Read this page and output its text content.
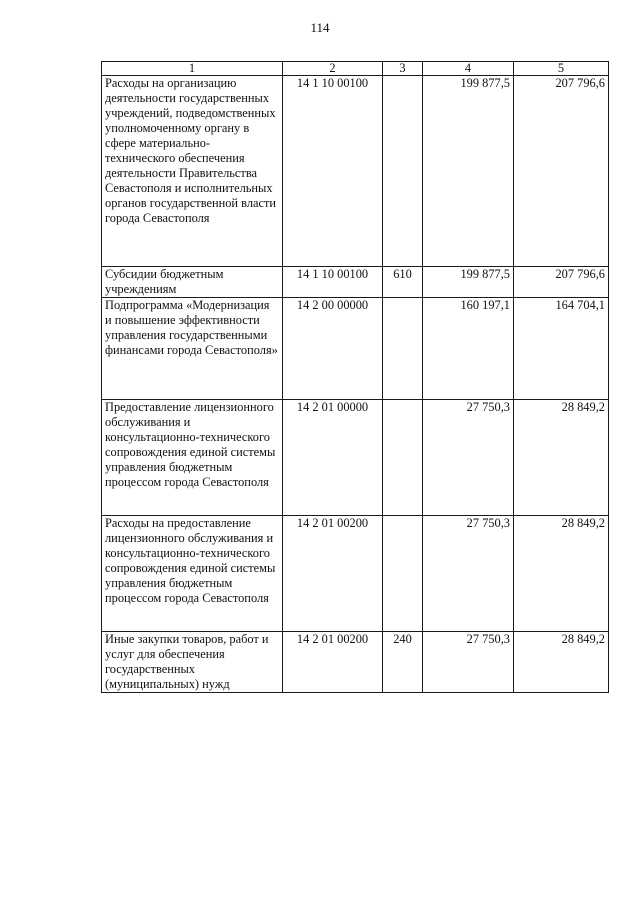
114
1	2	3	4	5
Расходы на организацию деятельности государственных учреждений, подведомственных уполномоченному органу в сфере материально-технического обеспечения деятельности Правительства Севастополя и исполнительных органов государственной власти города Севастополя	14 1 10 00100		199 877,5	207 796,6
Субсидии бюджетным учреждениям	14 1 10 00100	610	199 877,5	207 796,6
Подпрограмма «Модернизация и повышение эффективности управления государственными финансами города Севастополя»	14 2 00 00000		160 197,1	164 704,1
Предоставление лицензионного обслуживания и консультационно-технического сопровождения единой системы управления бюджетным процессом города Севастополя	14 2 01 00000		27 750,3	28 849,2
Расходы на предоставление лицензионного обслуживания и консультационно-технического сопровождения единой системы управления бюджетным процессом города Севастополя	14 2 01 00200		27 750,3	28 849,2
Иные закупки товаров, работ и услуг для обеспечения государственных (муниципальных) нужд	14 2 01 00200	240	27 750,3	28 849,2
